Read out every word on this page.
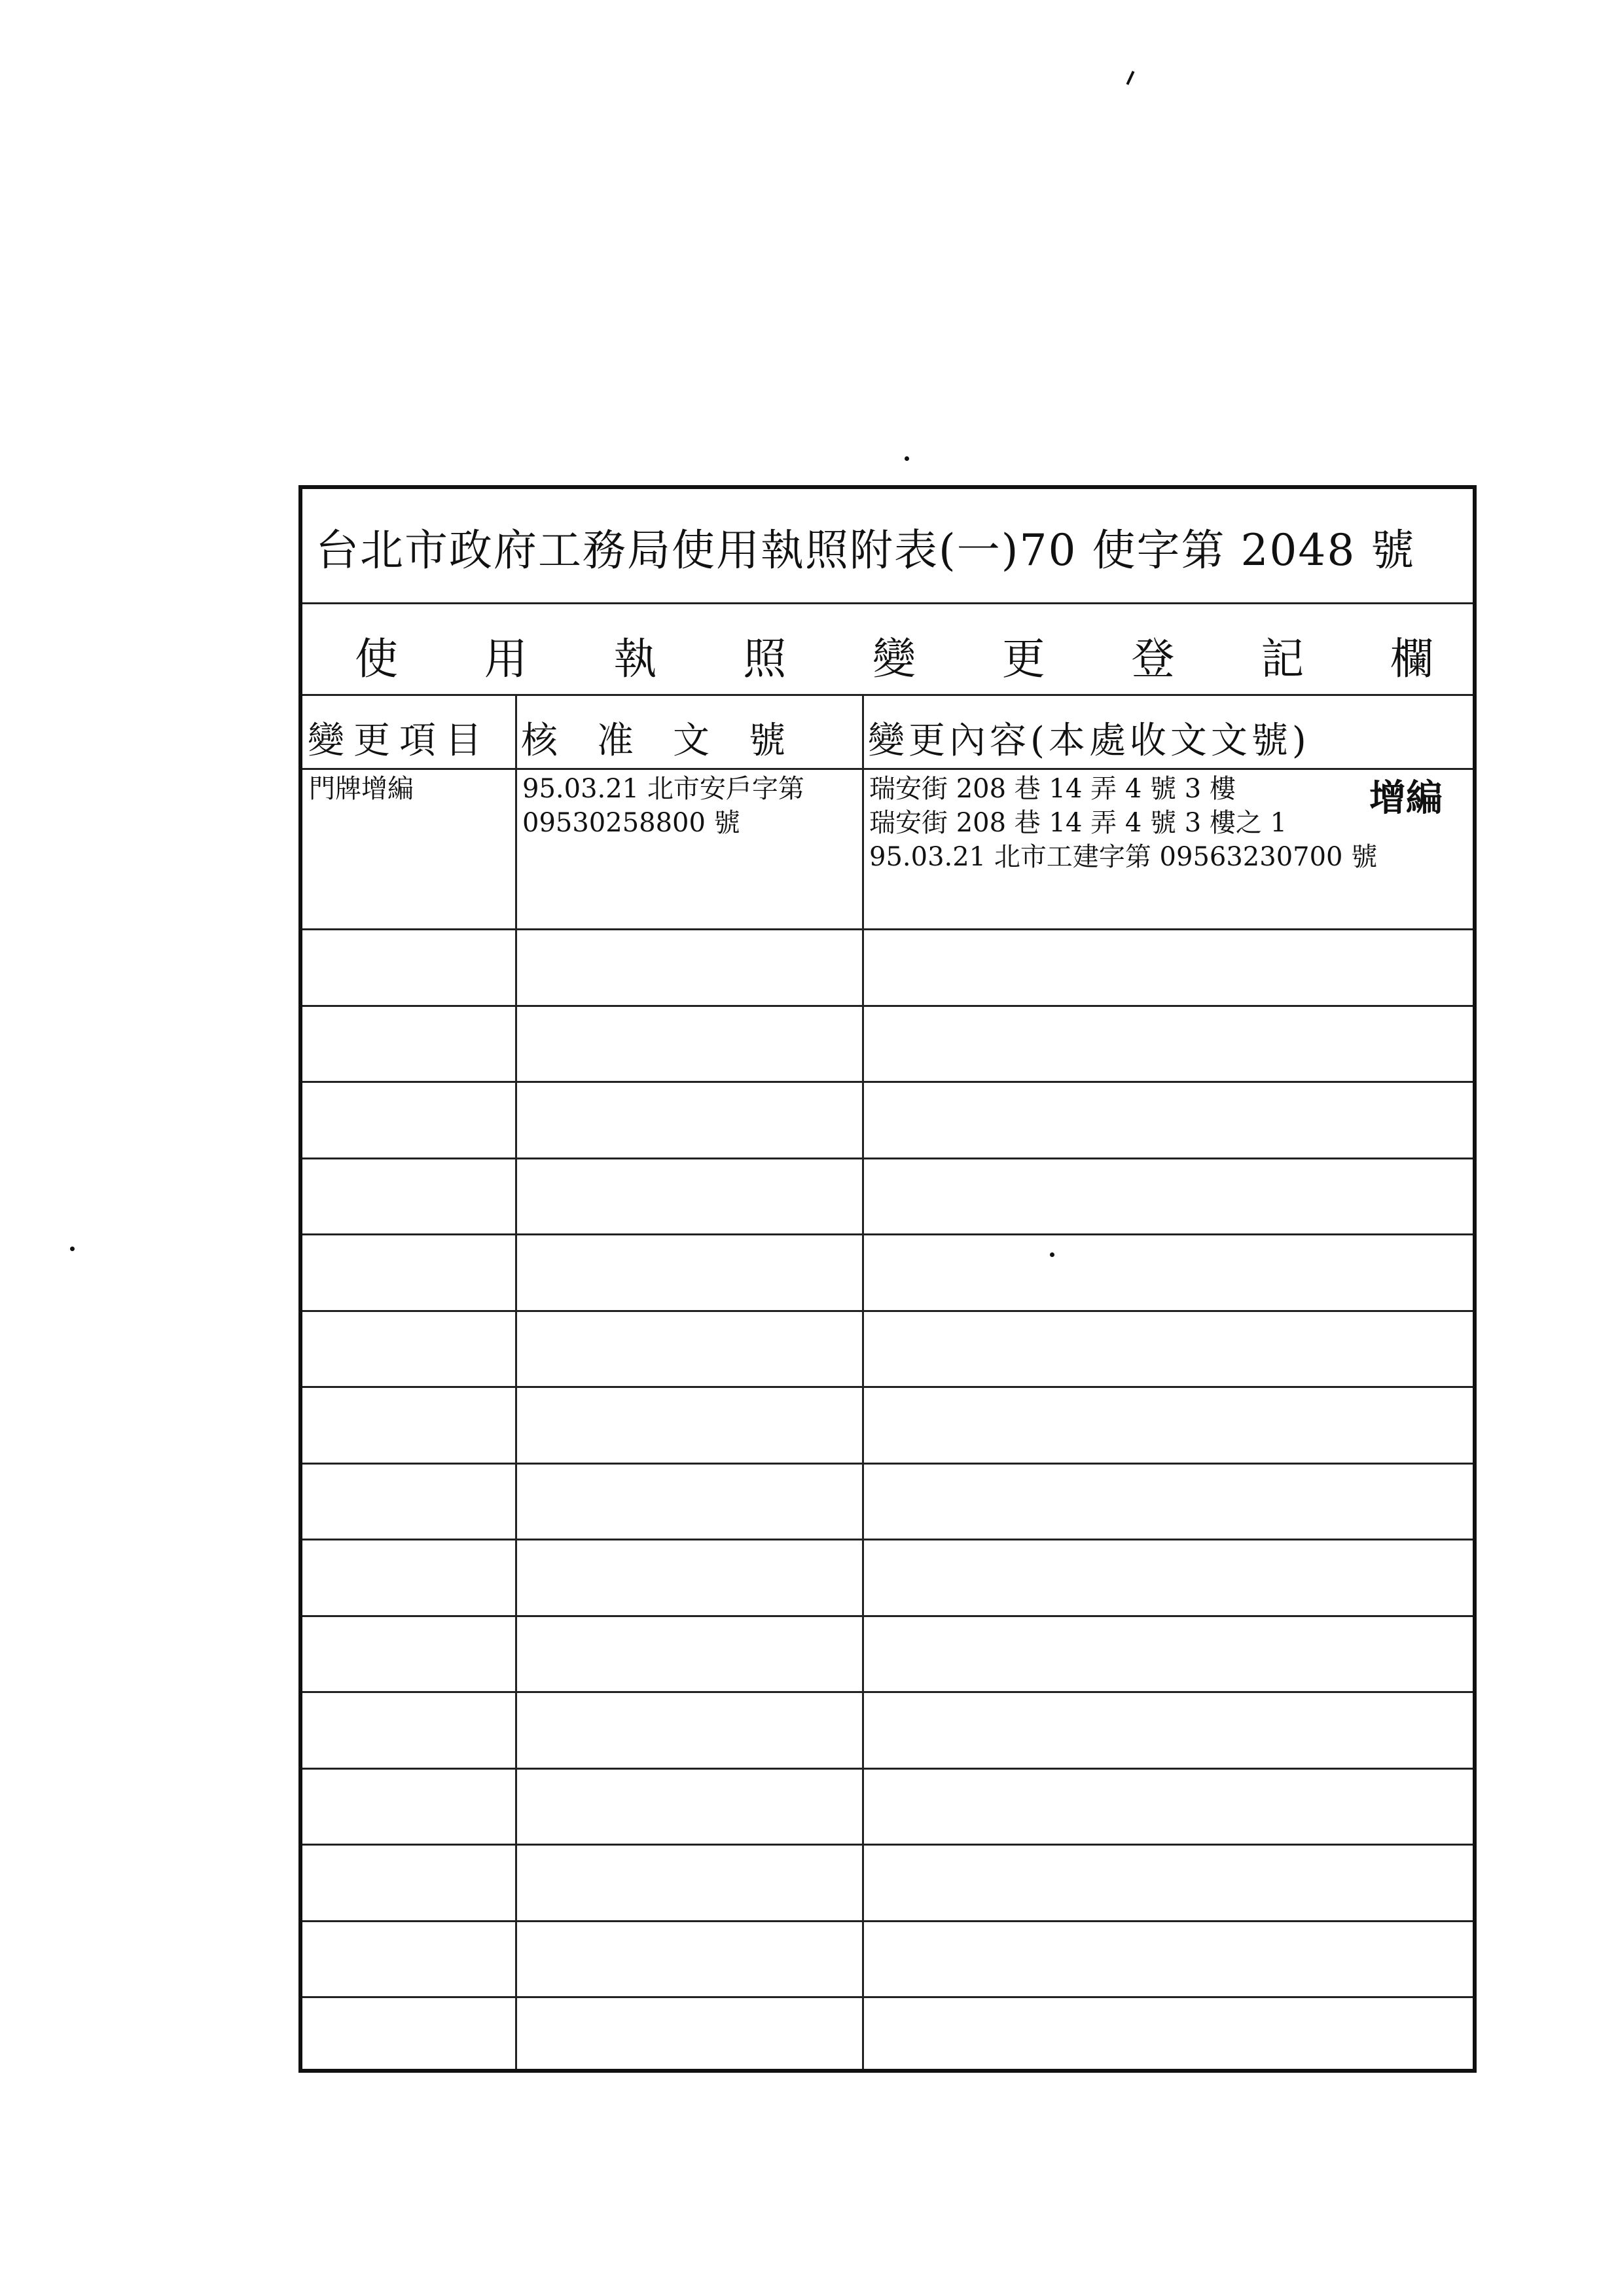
台北市政府工務局使用執照附表(一)70 使字第 2048 號
使 用 執 照 變 更 登 記 欄
變更項目 核　准　文　號	變更內容(本處收文文號)
門牌增編	95.03.21 北市安戶字第
09530258800 號
瑞安街 208 巷 14 弄 4 號 3 樓
瑞安街 208 巷 14 弄 4 號 3 樓之 1
95.03.21 北市工建字第 09563230700 號
增編
